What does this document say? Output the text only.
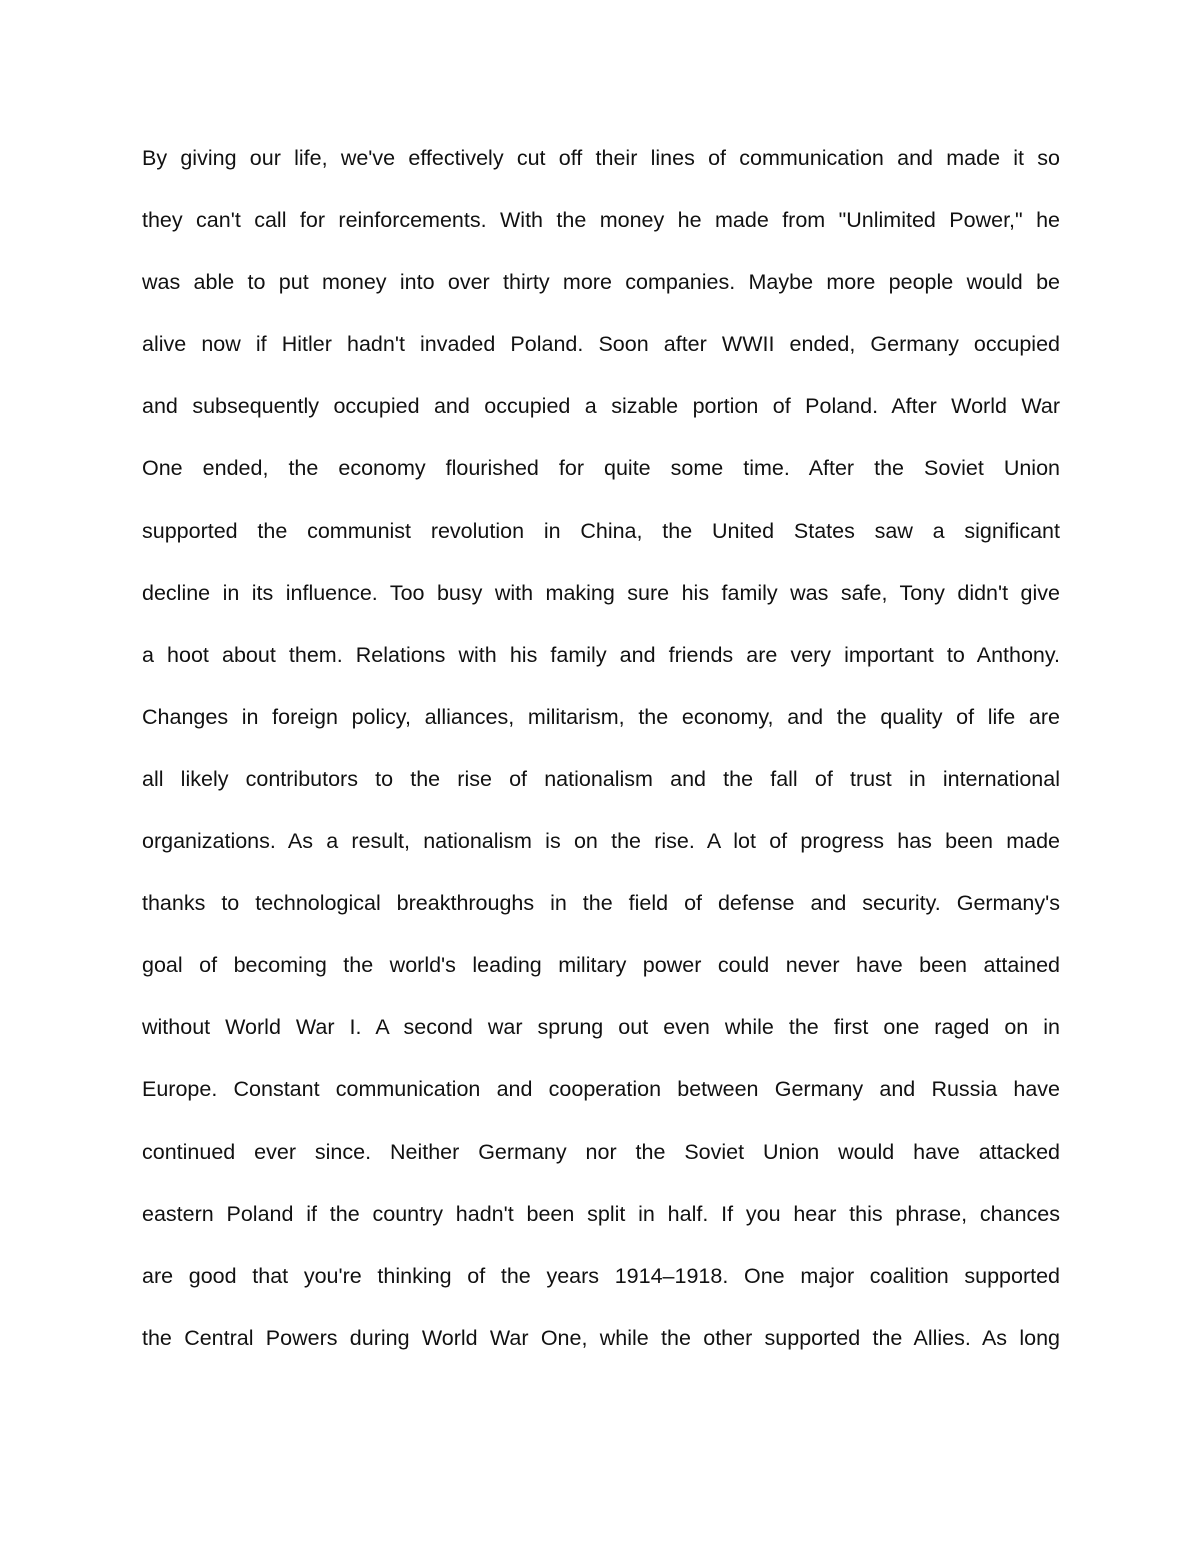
By giving our life, we've effectively cut off their lines of communication and made it so
they can't call for reinforcements. With the money he made from "Unlimited Power," he
was able to put money into over thirty more companies. Maybe more people would be
alive now if Hitler hadn't invaded Poland. Soon after WWII ended, Germany occupied
and subsequently occupied and occupied a sizable portion of Poland. After World War
One ended, the economy flourished for quite some time. After the Soviet Union
supported the communist revolution in China, the United States saw a significant
decline in its influence. Too busy with making sure his family was safe, Tony didn't give
a hoot about them. Relations with his family and friends are very important to Anthony.
Changes in foreign policy, alliances, militarism, the economy, and the quality of life are
all likely contributors to the rise of nationalism and the fall of trust in international
organizations. As a result, nationalism is on the rise. A lot of progress has been made
thanks to technological breakthroughs in the field of defense and security. Germany's
goal of becoming the world's leading military power could never have been attained
without World War I. A second war sprung out even while the first one raged on in
Europe. Constant communication and cooperation between Germany and Russia have
continued ever since. Neither Germany nor the Soviet Union would have attacked
eastern Poland if the country hadn't been split in half. If you hear this phrase, chances
are good that you're thinking of the years 1914–1918. One major coalition supported
the Central Powers during World War One, while the other supported the Allies. As long
